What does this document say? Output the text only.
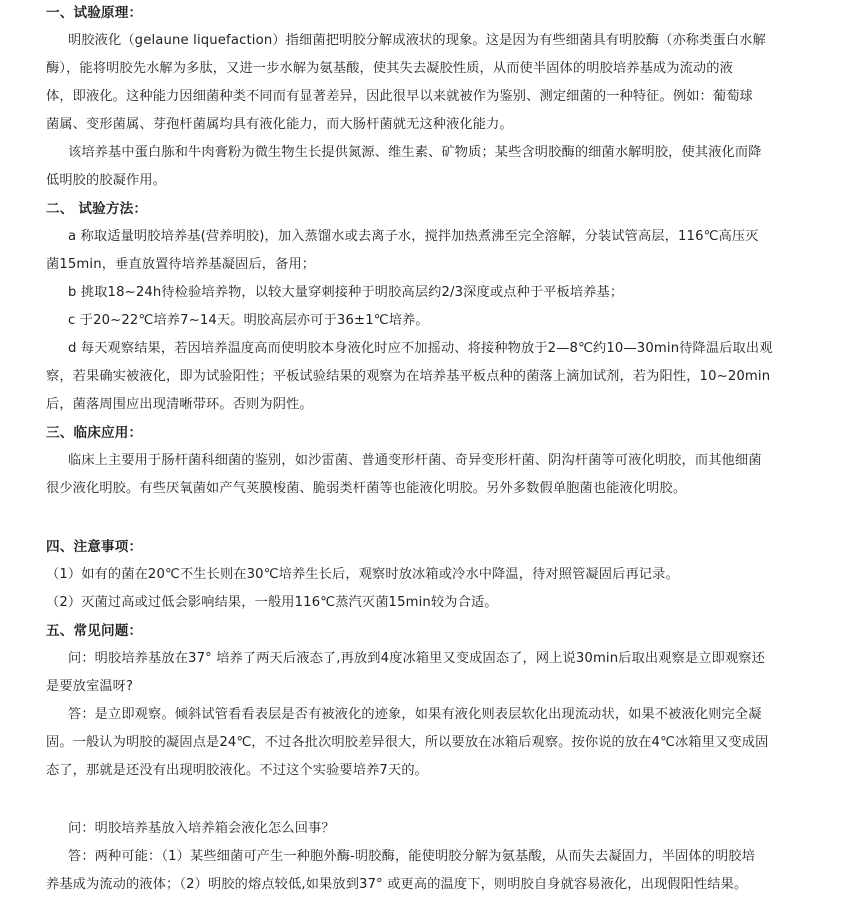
一、试验原理：
明胶液化（gelaune liquefaction）指细菌把明胶分解成液状的现象。这是因为有些细菌具有明胶酶（亦称类蛋白水解
酶），能将明胶先水解为多肽，又进一步水解为氨基酸，使其失去凝胶性质，从而使半固体的明胶培养基成为流动的液
体，即液化。这种能力因细菌种类不同而有显著差异，因此很早以来就被作为鉴别、测定细菌的一种特征。例如：葡萄球
菌属、变形菌属、芽孢杆菌属均具有液化能力，而大肠杆菌就无这种液化能力。
该培养基中蛋白胨和牛肉膏粉为微生物生长提供氮源、维生素、矿物质；某些含明胶酶的细菌水解明胶，使其液化而降
低明胶的胶凝作用。
二、 试验方法：
a 称取适量明胶培养基(营养明胶)，加入蒸馏水或去离子水，搅拌加热煮沸至完全溶解，分装试管高层，116℃高压灭
菌15min，垂直放置待培养基凝固后，备用；
b 挑取18~24h待检验培养物，以较大量穿刺接种于明胶高层约2/3深度或点种于平板培养基；
c 于20~22℃培养7~14天。明胶高层亦可于36±1℃培养。
d 每天观察结果，若因培养温度高而使明胶本身液化时应不加摇动、将接种物放于2—8℃约10—30min待降温后取出观
察，若果确实被液化，即为试验阳性；平板试验结果的观察为在培养基平板点种的菌落上滴加试剂，若为阳性，10~20min
后，菌落周围应出现清晰带环。否则为阴性。
三、临床应用：
临床上主要用于肠杆菌科细菌的鉴别，如沙雷菌、普通变形杆菌、奇异变形杆菌、阴沟杆菌等可液化明胶，而其他细菌
很少液化明胶。有些厌氧菌如产气荚膜梭菌、脆弱类杆菌等也能液化明胶。另外多数假单胞菌也能液化明胶。
四、注意事项：
（1）如有的菌在20℃不生长则在30℃培养生长后，观察时放冰箱或冷水中降温，待对照管凝固后再记录。
（2）灭菌过高或过低会影响结果，一般用116℃蒸汽灭菌15min较为合适。
五、常见问题：
问：明胶培养基放在37° 培养了两天后液态了,再放到4度冰箱里又变成固态了，网上说30min后取出观察是立即观察还
是要放室温呀?
答：是立即观察。倾斜试管看看表层是否有被液化的迹象，如果有液化则表层软化出现流动状，如果不被液化则完全凝
固。一般认为明胶的凝固点是24℃，不过各批次明胶差异很大，所以要放在冰箱后观察。按你说的放在4℃冰箱里又变成固
态了，那就是还没有出现明胶液化。不过这个实验要培养7天的。
问：明胶培养基放入培养箱会液化怎么回事？
答：两种可能：（1）某些细菌可产生一种胞外酶-明胶酶，能使明胶分解为氨基酸，从而失去凝固力，半固体的明胶培
养基成为流动的液体；（2）明胶的熔点较低,如果放到37° 或更高的温度下，则明胶自身就容易液化，出现假阳性结果。
